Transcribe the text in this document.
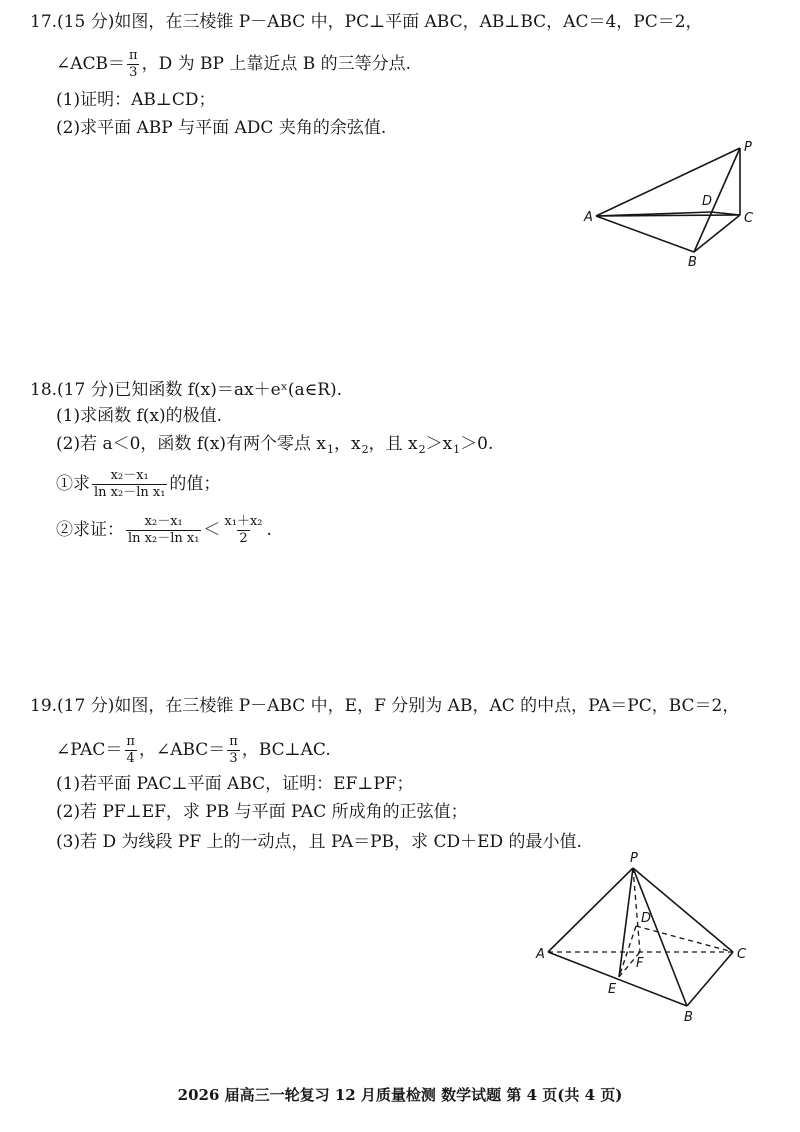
17.(15 分)如图，在三棱锥 P－ABC 中，PC⊥平面 ABC，AB⊥BC，AC＝4，PC＝2，
∠ACB＝ $\frac{\pi}{3}$ ，D 为 BP 上靠近点 B 的三等分点.
(1)证明：AB⊥CD；
(2)求平面 ABP 与平面 ADC 夹角的余弦值.
A
B
C
D
P
18.(17 分)已知函数 f(x)＝ax＋eˣ(a∈R).
(1)求函数 f(x)的极值.
(2)若 a＜0，函数 f(x)有两个零点 $x_1$，$x_2$，且 $x_2>x_1>0$.
①求 $\frac{\text{x₂－x₁}}{\text{ln x₂－ln x₁}}$ 的值；
②求证： $\frac{\text{x₂－x₁}}{\text{ln x₂－ln x₁}} < \frac{\text{x₁＋x₂}}{2}$ .
19.(17 分)如图，在三棱锥 P－ABC 中，E，F 分别为 AB，AC 的中点，PA＝PC，BC＝2，
∠PAC＝ $\frac{\pi}{4}$ ，∠ABC＝ $\frac{\pi}{3}$ ，BC⊥AC.
(1)若平面 PAC⊥平面 ABC，证明：EF⊥PF；
(2)若 PF⊥EF，求 PB 与平面 PAC 所成角的正弦值；
(3)若 D 为线段 PF 上的一动点，且 PA＝PB，求 CD＋ED 的最小值.
P
A	C
B
E
F
D
2026 届高三一轮复习 12 月质量检测 数学试题 第 4 页(共 4 页)
